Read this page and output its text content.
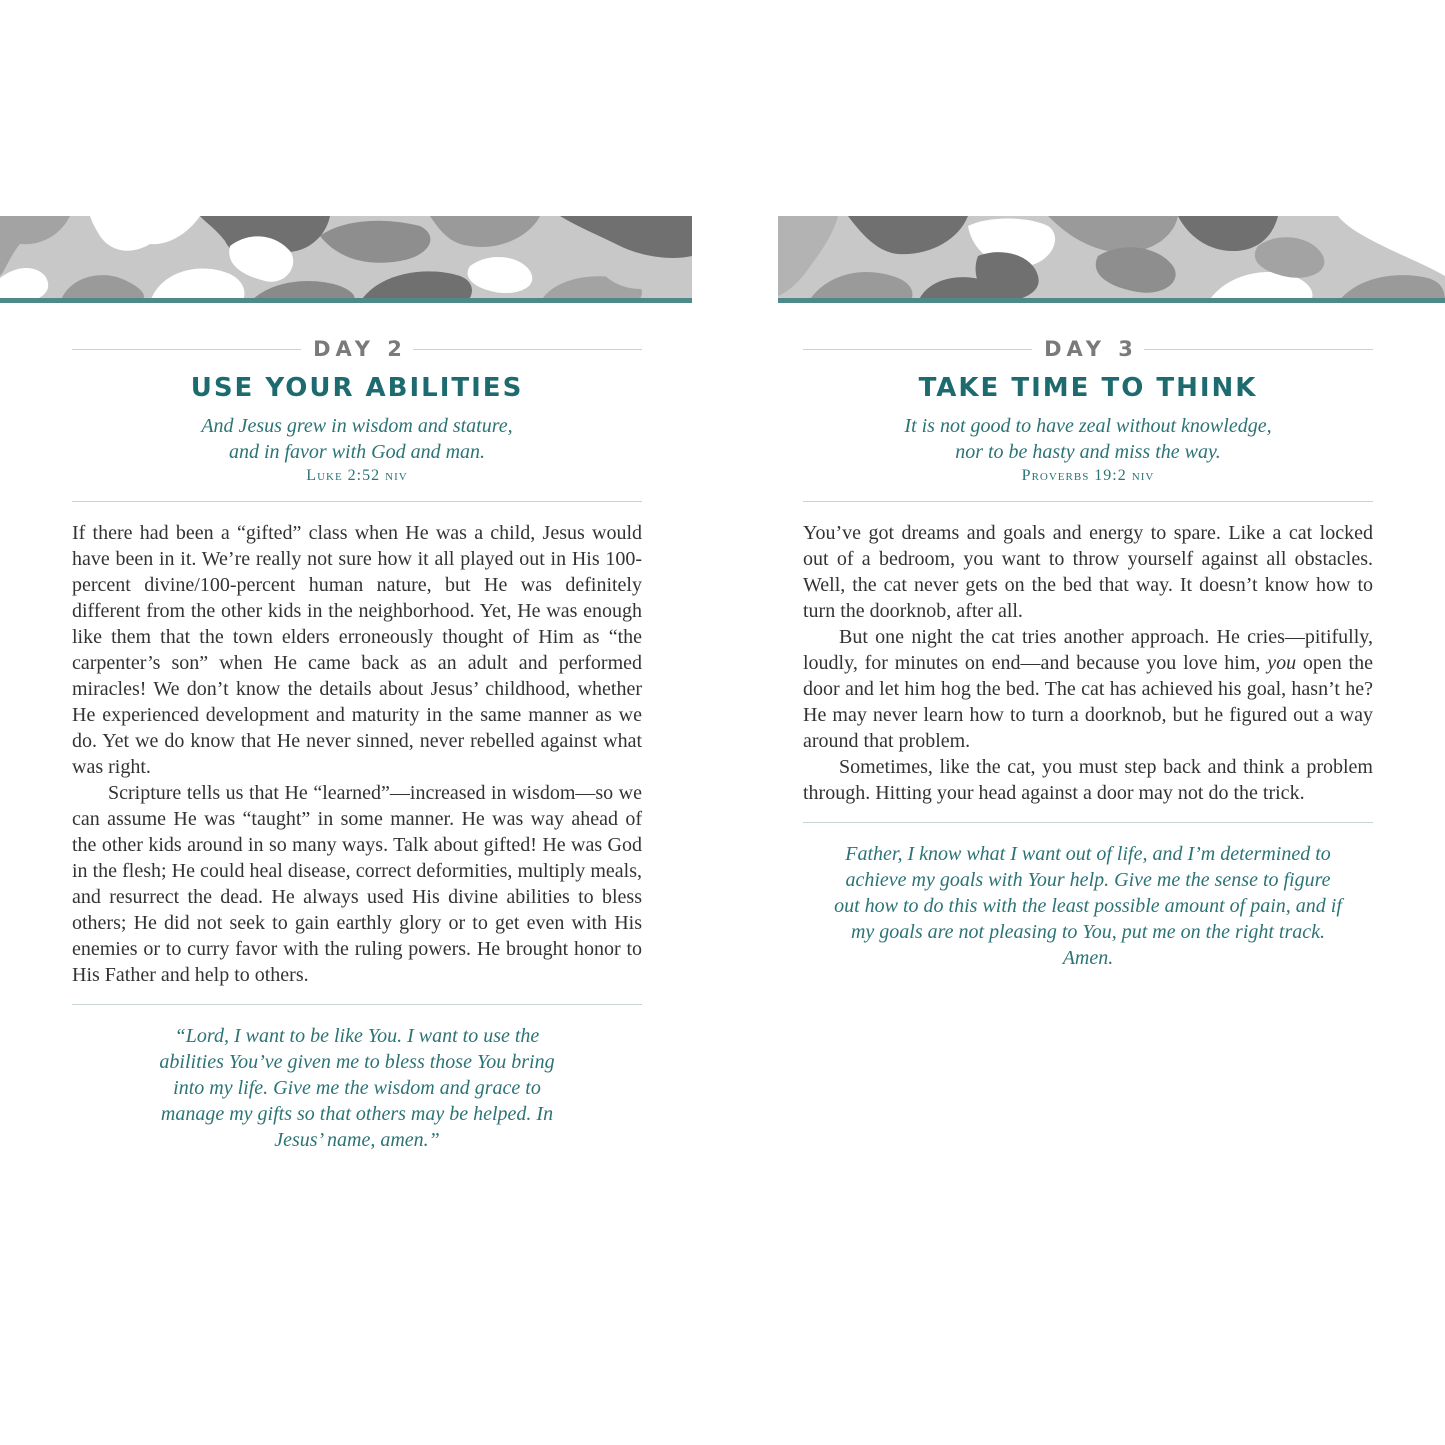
DAY 2
USE YOUR ABILITIES
And Jesus grew in wisdom and stature,
and in favor with God and man.
Luke 2:52 niv

If there had been a “gifted” class when He was a child, Jesus would have been in it. We’re really not sure how it all played out in His 100-percent divine/100-percent human nature, but He was definitely different from the other kids in the neighborhood. Yet, He was enough like them that the town elders erroneously thought of Him as “the carpenter’s son” when He came back as an adult and performed miracles! We don’t know the details about Jesus’ childhood, whether He experienced development and maturity in the same manner as we do. Yet we do know that He never sinned, never rebelled against what was right.

Scripture tells us that He “learned”—increased in wisdom—so we can assume He was “taught” in some manner. He was way ahead of the other kids around in so many ways. Talk about gifted! He was God in the flesh; He could heal disease, correct deformities, multiply meals, and resurrect the dead. He always used His divine abilities to bless others; He did not seek to gain earthly glory or to get even with His enemies or to curry favor with the ruling powers. He brought honor to His Father and help to others.

“Lord, I want to be like You. I want to use the abilities You’ve given me to bless those You bring into my life. Give me the wisdom and grace to manage my gifts so that others may be helped. In Jesus’ name, amen.”
DAY 3
TAKE TIME TO THINK
It is not good to have zeal without knowledge,
nor to be hasty and miss the way.
Proverbs 19:2 niv

You’ve got dreams and goals and energy to spare. Like a cat locked out of a bedroom, you want to throw yourself against all obstacles. Well, the cat never gets on the bed that way. It doesn’t know how to turn the doorknob, after all.

But one night the cat tries another approach. He cries—pitifully, loudly, for minutes on end—and because you love him, you open the door and let him hog the bed. The cat has achieved his goal, hasn’t he? He may never learn how to turn a doorknob, but he figured out a way around that problem.

Sometimes, like the cat, you must step back and think a problem through. Hitting your head against a door may not do the trick.

Father, I know what I want out of life, and I’m determined to achieve my goals with Your help. Give me the sense to figure out how to do this with the least possible amount of pain, and if my goals are not pleasing to You, put me on the right track. Amen.
